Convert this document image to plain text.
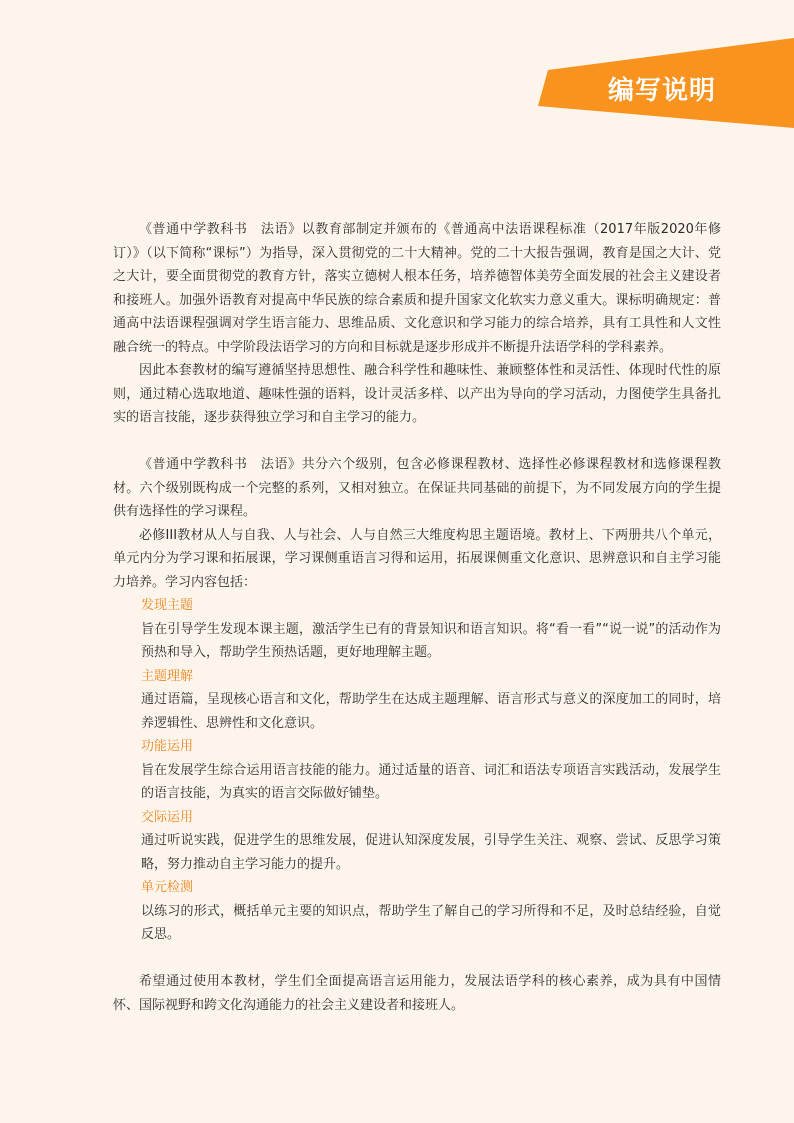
编写说明

《普通中学教科书　法语》以教育部制定并颁布的《普通高中法语课程标准（2017年版2020年修订）》（以下简称“课标”）为指导，深入贯彻党的二十大精神。党的二十大报告强调，教育是国之大计、党之大计，要全面贯彻党的教育方针，落实立德树人根本任务，培养德智体美劳全面发展的社会主义建设者和接班人。加强外语教育对提高中华民族的综合素质和提升国家文化软实力意义重大。课标明确规定：普通高中法语课程强调对学生语言能力、思维品质、文化意识和学习能力的综合培养，具有工具性和人文性融合统一的特点。中学阶段法语学习的方向和目标就是逐步形成并不断提升法语学科的学科素养。

因此本套教材的编写遵循坚持思想性、融合科学性和趣味性、兼顾整体性和灵活性、体现时代性的原则，通过精心选取地道、趣味性强的语料，设计灵活多样、以产出为导向的学习活动，力图使学生具备扎实的语言技能，逐步获得独立学习和自主学习的能力。

《普通中学教科书　法语》共分六个级别，包含必修课程教材、选择性必修课程教材和选修课程教材。六个级别既构成一个完整的系列，又相对独立。在保证共同基础的前提下，为不同发展方向的学生提供有选择性的学习课程。

必修III教材从人与自我、人与社会、人与自然三大维度构思主题语境。教材上、下两册共八个单元，单元内分为学习课和拓展课，学习课侧重语言习得和运用，拓展课侧重文化意识、思辨意识和自主学习能力培养。学习内容包括：

发现主题

旨在引导学生发现本课主题，激活学生已有的背景知识和语言知识。将“看一看”“说一说”的活动作为预热和导入，帮助学生预热话题，更好地理解主题。

主题理解

通过语篇，呈现核心语言和文化，帮助学生在达成主题理解、语言形式与意义的深度加工的同时，培养逻辑性、思辨性和文化意识。

功能运用

旨在发展学生综合运用语言技能的能力。通过适量的语音、词汇和语法专项语言实践活动，发展学生的语言技能，为真实的语言交际做好铺垫。

交际运用

通过听说实践，促进学生的思维发展，促进认知深度发展，引导学生关注、观察、尝试、反思学习策略，努力推动自主学习能力的提升。

单元检测

以练习的形式，概括单元主要的知识点，帮助学生了解自己的学习所得和不足，及时总结经验，自觉反思。

希望通过使用本教材，学生们全面提高语言运用能力，发展法语学科的核心素养，成为具有中国情怀、国际视野和跨文化沟通能力的社会主义建设者和接班人。
